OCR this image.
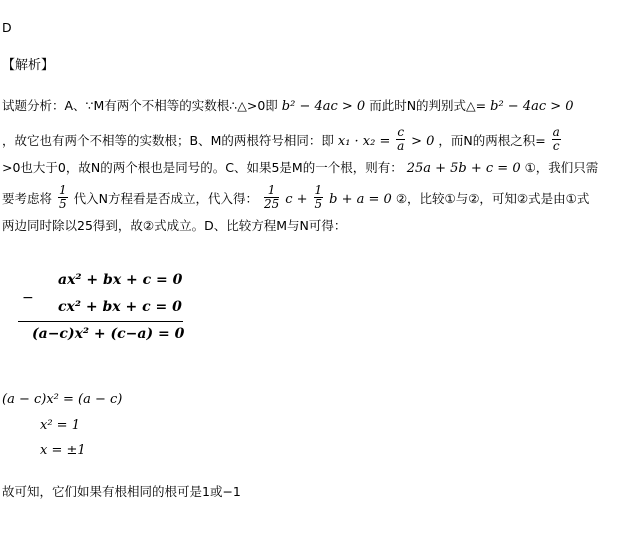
D
【解析】
试题分析：A、∵M有两个不相等的实数根∴△>0即 b² − 4ac > 0 而此时N的判别式△= b² − 4ac > 0
，故它也有两个不相等的实数根；B、M的两根符号相同：即 $x_1 \cdot x_2 = \frac{c}{a} > 0$ ，而N的两根之积= $\frac{a}{c}$
>0也大于0，故N的两个根也是同号的。C、如果5是M的一个根，则有： 25a + 5b + c = 0 ①，我们只需
要考虑将 $\frac{1}{5}$ 代入N方程看是否成立，代入得： $\frac{1}{25}$ $c + \frac{1}{5}$ b + a = 0 ②，比较①与②，可知②式是由①式
两边同时除以25得到，故②式成立。D、比较方程M与N可得：
ax² + bx + c = 0
−
cx² + bx + c = 0
(a−c)x² + (c−a) = 0
(a − c)x² = (a − c)
x² = 1
x = ±1
故可知，它们如果有根相同的根可是1或−1
